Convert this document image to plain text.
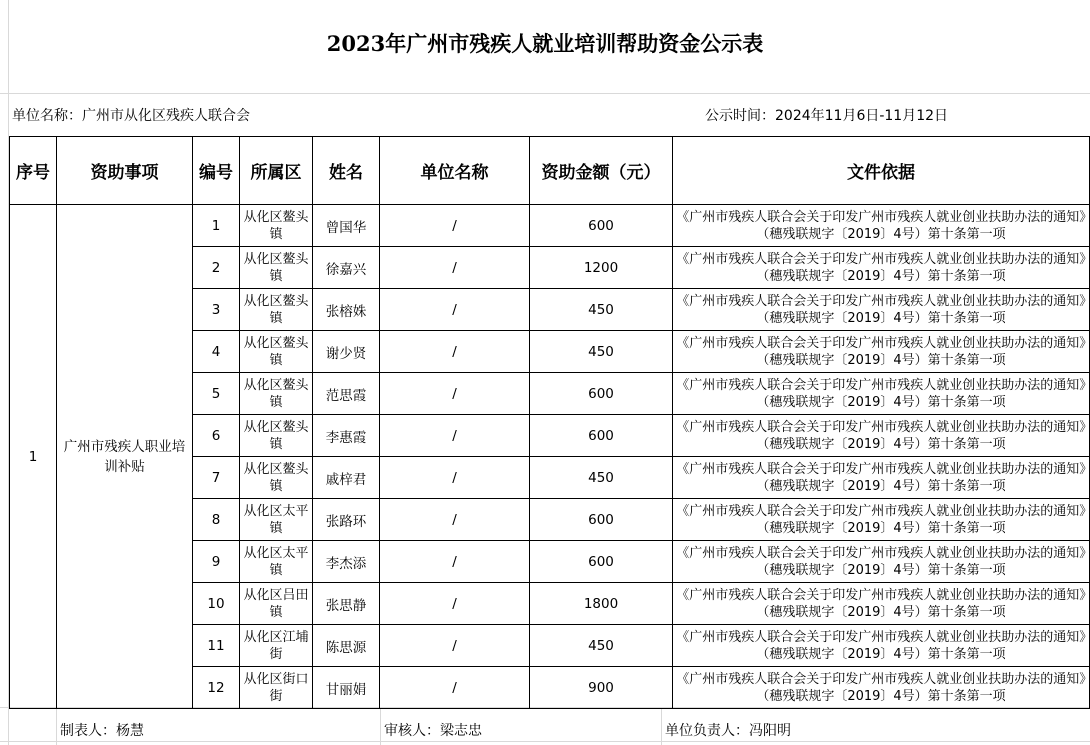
2023年广州市残疾人就业培训帮助资金公示表
单位名称：广州市从化区残疾人联合会	公示时间：2024年11月6日-11月12日
序号	资助事项	编号	所属区	姓名	单位名称	资助金额（元）	文件依据
1	广州市残疾人职业培训补贴	1	从化区鳌头镇	曾国华	/	600	《广州市残疾人联合会关于印发广州市残疾人就业创业扶助办法的通知》（穗残联规字〔2019〕4号）第十条第一项
		2	从化区鳌头镇	徐嘉兴	/	1200	《广州市残疾人联合会关于印发广州市残疾人就业创业扶助办法的通知》（穗残联规字〔2019〕4号）第十条第一项
		3	从化区鳌头镇	张榕姝	/	450	《广州市残疾人联合会关于印发广州市残疾人就业创业扶助办法的通知》（穗残联规字〔2019〕4号）第十条第一项
		4	从化区鳌头镇	谢少贤	/	450	《广州市残疾人联合会关于印发广州市残疾人就业创业扶助办法的通知》（穗残联规字〔2019〕4号）第十条第一项
		5	从化区鳌头镇	范思霞	/	600	《广州市残疾人联合会关于印发广州市残疾人就业创业扶助办法的通知》（穗残联规字〔2019〕4号）第十条第一项
		6	从化区鳌头镇	李惠霞	/	600	《广州市残疾人联合会关于印发广州市残疾人就业创业扶助办法的通知》（穗残联规字〔2019〕4号）第十条第一项
		7	从化区鳌头镇	戚梓君	/	450	《广州市残疾人联合会关于印发广州市残疾人就业创业扶助办法的通知》（穗残联规字〔2019〕4号）第十条第一项
		8	从化区太平镇	张路环	/	600	《广州市残疾人联合会关于印发广州市残疾人就业创业扶助办法的通知》（穗残联规字〔2019〕4号）第十条第一项
		9	从化区太平镇	李杰添	/	600	《广州市残疾人联合会关于印发广州市残疾人就业创业扶助办法的通知》（穗残联规字〔2019〕4号）第十条第一项
		10	从化区吕田镇	张思静	/	1800	《广州市残疾人联合会关于印发广州市残疾人就业创业扶助办法的通知》（穗残联规字〔2019〕4号）第十条第一项
		11	从化区江埔街	陈思源	/	450	《广州市残疾人联合会关于印发广州市残疾人就业创业扶助办法的通知》（穗残联规字〔2019〕4号）第十条第一项
		12	从化区街口街	甘丽娟	/	900	《广州市残疾人联合会关于印发广州市残疾人就业创业扶助办法的通知》（穗残联规字〔2019〕4号）第十条第一项
制表人：杨慧	审核人：梁志忠	单位负责人：冯阳明
